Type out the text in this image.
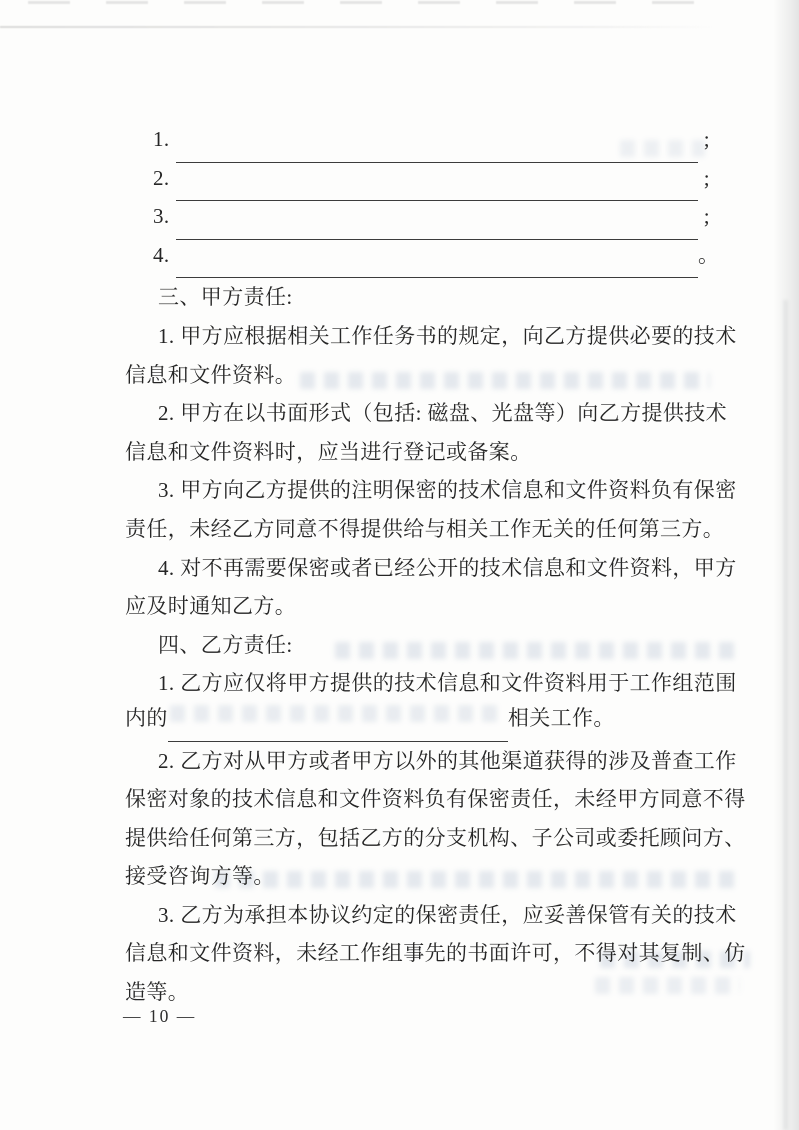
1.	;
2.	;
3.	;
4.	。
三、甲方责任:
1. 甲方应根据相关工作任务书的规定，向乙方提供必要的技术
信息和文件资料。
2. 甲方在以书面形式（包括: 磁盘、光盘等）向乙方提供技术
信息和文件资料时，应当进行登记或备案。
3. 甲方向乙方提供的注明保密的技术信息和文件资料负有保密
责任，未经乙方同意不得提供给与相关工作无关的任何第三方。
4. 对不再需要保密或者已经公开的技术信息和文件资料，甲方
应及时通知乙方。
四、乙方责任:
1. 乙方应仅将甲方提供的技术信息和文件资料用于工作组范围
内的	相关工作。
2. 乙方对从甲方或者甲方以外的其他渠道获得的涉及普查工作
保密对象的技术信息和文件资料负有保密责任，未经甲方同意不得
提供给任何第三方，包括乙方的分支机构、子公司或委托顾问方、
接受咨询方等。
3. 乙方为承担本协议约定的保密责任，应妥善保管有关的技术
信息和文件资料，未经工作组事先的书面许可，不得对其复制、仿
造等。
— 10 —
